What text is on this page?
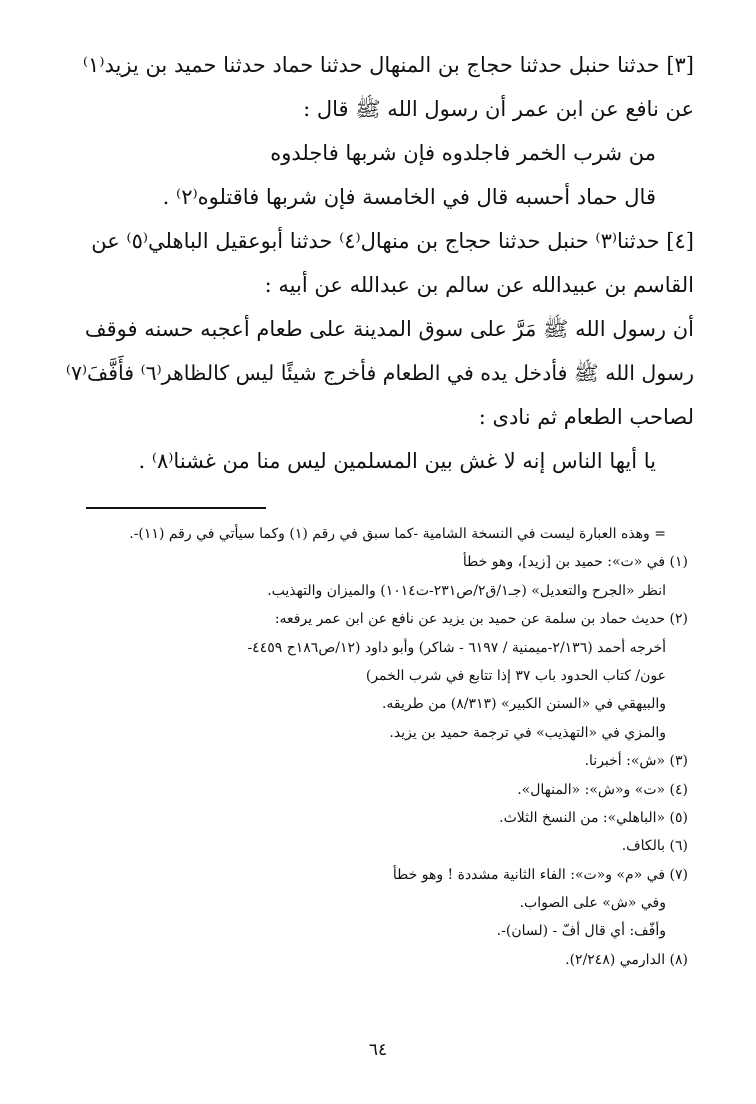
[٣] حدثنا حنبل حدثنا حجاج بن المنهال حدثنا حماد حدثنا حميد بن يزيد⁽١⁾
عن نافع عن ابن عمر أن رسول الله ﷺ قال :
من شرب الخمر فاجلدوه فإن شربها فاجلدوه
قال حماد أحسبه قال في الخامسة فإن شربها فاقتلوه⁽٢⁾ .
[٤] حدثنا⁽٣⁾ حنبل حدثنا حجاج بن منهال⁽٤⁾ حدثنا أبوعقيل الباهلي⁽٥⁾ عن
القاسم بن عبيدالله عن سالم بن عبدالله عن أبيه :
أن رسول الله ﷺ مَرَّ على سوق المدينة على طعام أعجبه حسنه فوقف
رسول الله ﷺ فأدخل يده في الطعام فأخرج شيئًا ليس كالظاهر⁽٦⁾ فأَفَّفَ⁽٧⁾
لصاحب الطعام ثم نادى :
يا أيها الناس إنه لا غش بين المسلمين ليس منا من غشنا⁽٨⁾ .
= وهذه العبارة ليست في النسخة الشامية -كما سبق في رقم (١) وكما سيأتي في رقم (١١)-.
(١) في «ت»: حميد بن [زيد]، وهو خطأ
انظر «الجرح والتعديل» (جـ١/ق٢/ص٢٣١-ت١٠١٤) والميزان والتهذيب.
(٢) حديث حماد بن سلمة عن حميد بن يزيد عن نافع عن ابن عمر يرفعه:
أخرجه أحمد (٢/١٣٦-ميمنية / ٦١٩٧ - شاكر) وأبو داود (١٢/ص١٨٦ح ٤٤٥٩-
عون/ كتاب الحدود باب ٣٧ إذا تتابع في شرب الخمر)
والبيهقي في «السنن الكبير» (٨/٣١٣) من طريقه.
والمزي في «التهذيب» في ترجمة حميد بن يزيد.
(٣) «ش»: أخبرنا.
(٤) «ت» و«ش»: «المنهال».
(٥) «الباهلي»: من النسخ الثلاث.
(٦) بالكاف.
(٧) في «م» و«ت»: الفاء الثانية مشددة ! وهو خطأ
وفي «ش» على الصواب.
وأفّف: أي قال أفّ - (لسان)-.
(٨) الدارمي (٢/٢٤٨).
٦٤
